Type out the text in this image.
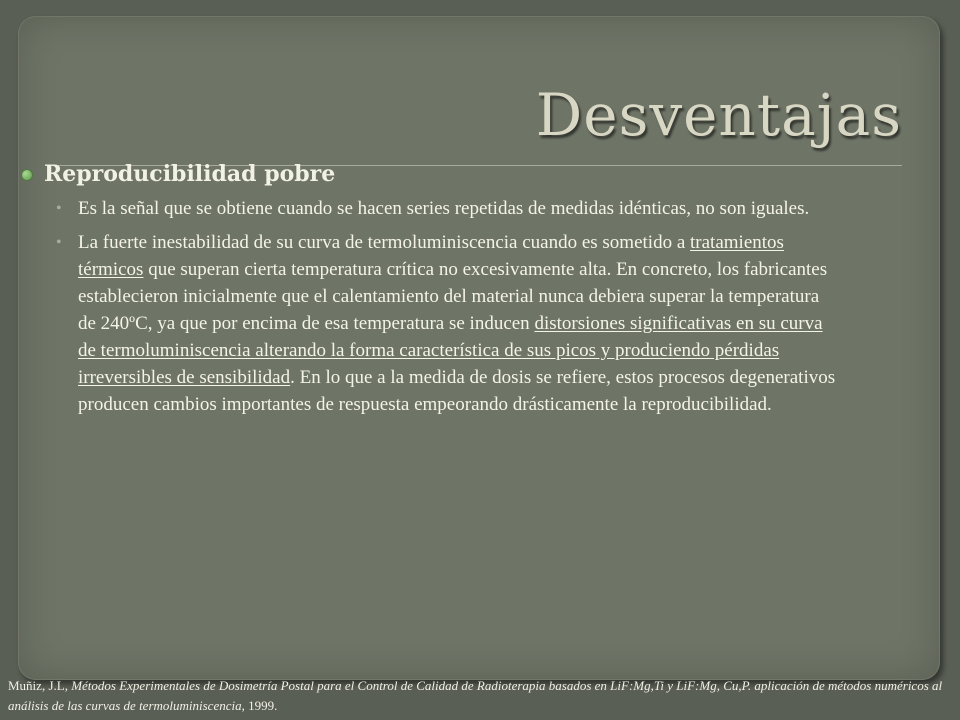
Desventajas

Reproducibilidad pobre

• Es la señal que se obtiene cuando se hacen series repetidas de medidas idénticas, no son iguales.
• La fuerte inestabilidad de su curva de termoluminiscencia cuando es sometido a tratamientos térmicos que superan cierta temperatura crítica no excesivamente alta. En concreto, los fabricantes establecieron inicialmente que el calentamiento del material nunca debiera superar la temperatura de 240ºC, ya que por encima de esa temperatura se inducen distorsiones significativas en su curva de termoluminiscencia alterando la forma característica de sus picos y produciendo pérdidas irreversibles de sensibilidad. En lo que a la medida de dosis se refiere, estos procesos degenerativos producen cambios importantes de respuesta empeorando drásticamente la reproducibilidad.

Muñiz, J.L, Métodos Experimentales de Dosimetría Postal para el Control de Calidad de Radioterapia basados en LiF:Mg,Ti y LiF:Mg, Cu,P. aplicación de métodos numéricos al análisis de las curvas de termoluminiscencia, 1999.
